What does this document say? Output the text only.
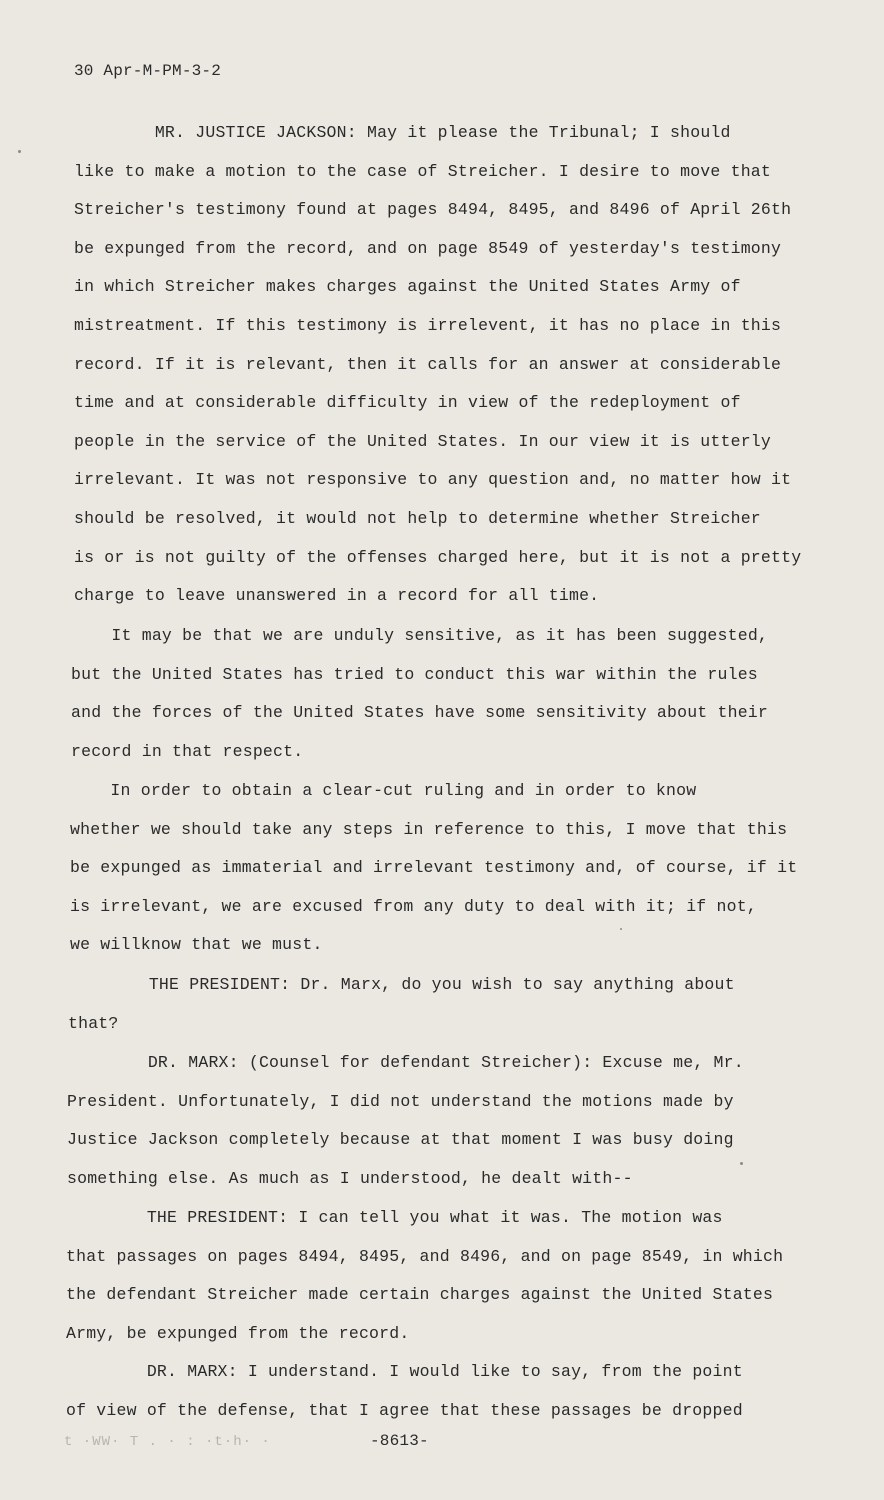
30 Apr-M-PM-3-2
MR. JUSTICE JACKSON: May it please the Tribunal; I should
like to make a motion to the case of Streicher. I desire to move that
Streicher's testimony found at pages 8494, 8495, and 8496 of April 26th
be expunged from the record, and on page 8549 of yesterday's testimony
in which Streicher makes charges against the United States Army of
mistreatment. If this testimony is irrelevent, it has no place in this
record. If it is relevant, then it calls for an answer at considerable
time and at considerable difficulty in view of the redeployment of
people in the service of the United States. In our view it is utterly
irrelevant. It was not responsive to any question and, no matter how it
should be resolved, it would not help to determine whether Streicher
is or is not guilty of the offenses charged here, but it is not a pretty
charge to leave unanswered in a record for all time.
It may be that we are unduly sensitive, as it has been suggested,
but the United States has tried to conduct this war within the rules
and the forces of the United States have some sensitivity about their
record in that respect.
In order to obtain a clear-cut ruling and in order to know
whether we should take any steps in reference to this, I move that this
be expunged as immaterial and irrelevant testimony and, of course, if it
is irrelevant, we are excused from any duty to deal with it; if not,
we willknow that we must.
THE PRESIDENT: Dr. Marx, do you wish to say anything about
that?
DR. MARX: (Counsel for defendant Streicher): Excuse me, Mr.
President. Unfortunately, I did not understand the motions made by
Justice Jackson completely because at that moment I was busy doing
something else. As much as I understood, he dealt with--
THE PRESIDENT: I can tell you what it was. The motion was
that passages on pages 8494, 8495, and 8496, and on page 8549, in which
the defendant Streicher made certain charges against the United States
Army, be expunged from the record.
DR. MARX: I understand. I would like to say, from the point
of view of the defense, that I agree that these passages be dropped
t ·WW· T . · : ·t·h· ·	-8613-
